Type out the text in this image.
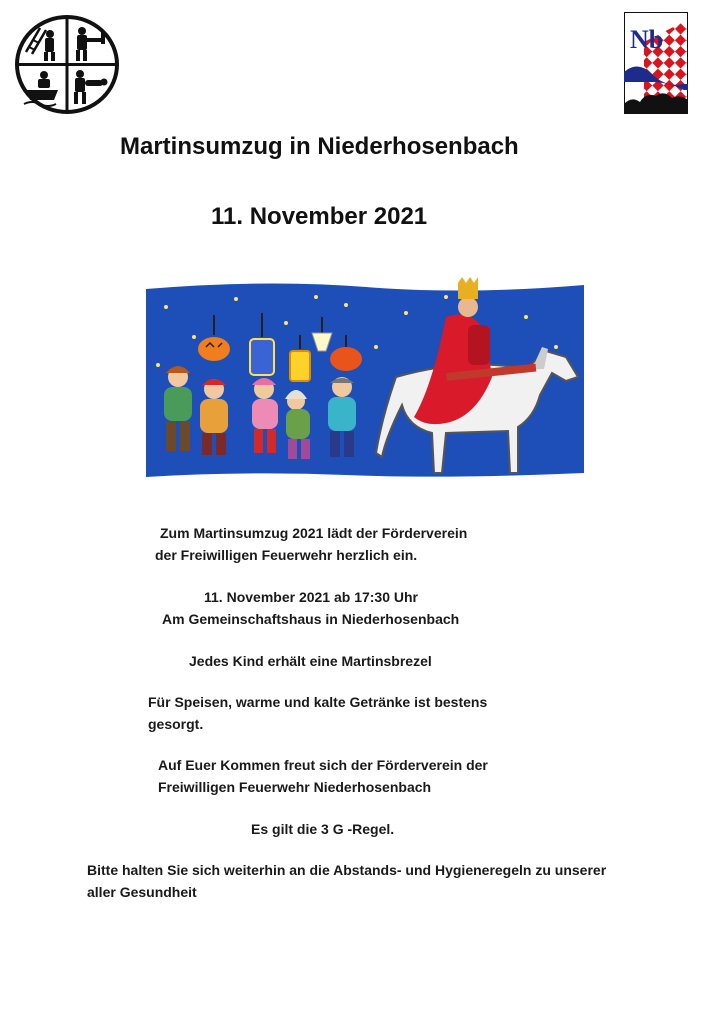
Nb
Martinsumzug in Niederhosenbach
11. November 2021
Zum Martinsumzug 2021 lädt der Förderverein
der Freiwilligen Feuerwehr herzlich ein.
11. November 2021 ab 17:30 Uhr
Am Gemeinschaftshaus in Niederhosenbach
Jedes Kind erhält eine Martinsbrezel
Für Speisen, warme und kalte Getränke ist bestens
gesorgt.
Auf Euer Kommen freut sich der Förderverein der
Freiwilligen Feuerwehr Niederhosenbach
Es gilt die 3 G -Regel.
Bitte halten Sie sich weiterhin an die Abstands- und Hygieneregeln zu unserer
aller Gesundheit
